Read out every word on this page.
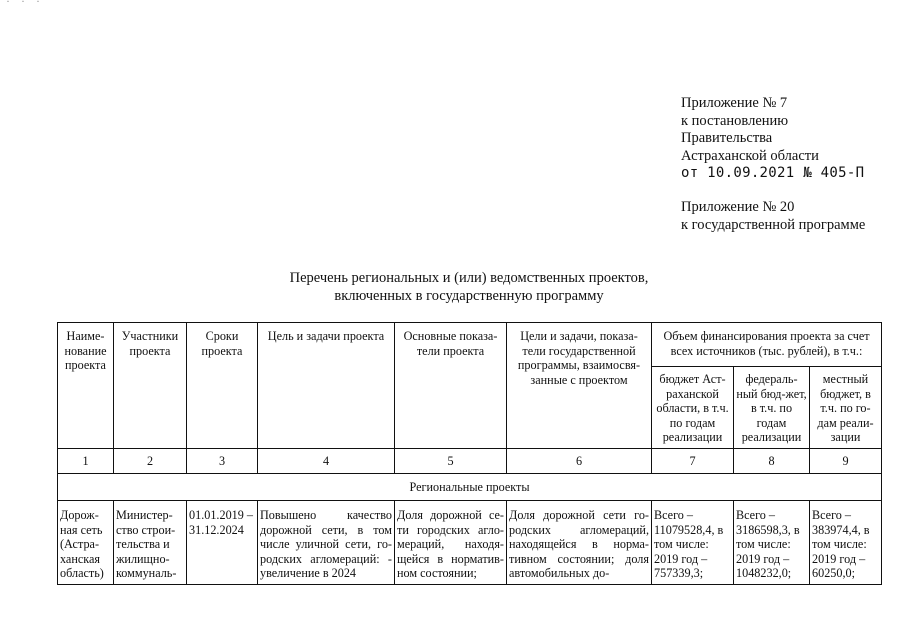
· · ·
Приложение № 7
к постановлению
Правительства
Астраханской области
от 10.09.2021 № 405-П
Приложение № 20
к государственной программе
Перечень региональных и (или) ведомственных проектов,
включенных в государственную программу
Наиме-нование проекта	Участники проекта	Сроки проекта	Цель и задачи проекта	Основные показа-тели проекта	Цели и задачи, показа-тели государственной программы, взаимосвя-занные с проектом	Объем финансирования проекта за счет всех источников (тыс. рублей), в т.ч.:		
						бюджет Аст-раханской области, в т.ч. по годам реализации	федераль-ный бюд-жет, в т.ч. по годам реализации	местный бюджет, в т.ч. по го-дам реали-зации
1	2	3	4	5	6	7	8	9
Региональные проекты								
Дорож-ная сеть (Астра-ханская область)	Министер-ство строи-тельства и жилищно-коммуналь-	01.01.2019 – 31.12.2024	Повышено качество дорожной сети, в том числе уличной сети, го-родских агломераций: - увеличение в 2024	Доля дорожной се-ти городских агло-мераций, находя-щейся в норматив-ном состоянии;	Доля дорожной сети го-родских агломераций, находящейся в норма-тивном состоянии; доля автомобильных до-	Всего – 11079528,4, в том числе: 2019 год – 757339,3;	Всего – 3186598,3, в том числе: 2019 год – 1048232,0;	Всего – 383974,4, в том числе: 2019 год – 60250,0;
